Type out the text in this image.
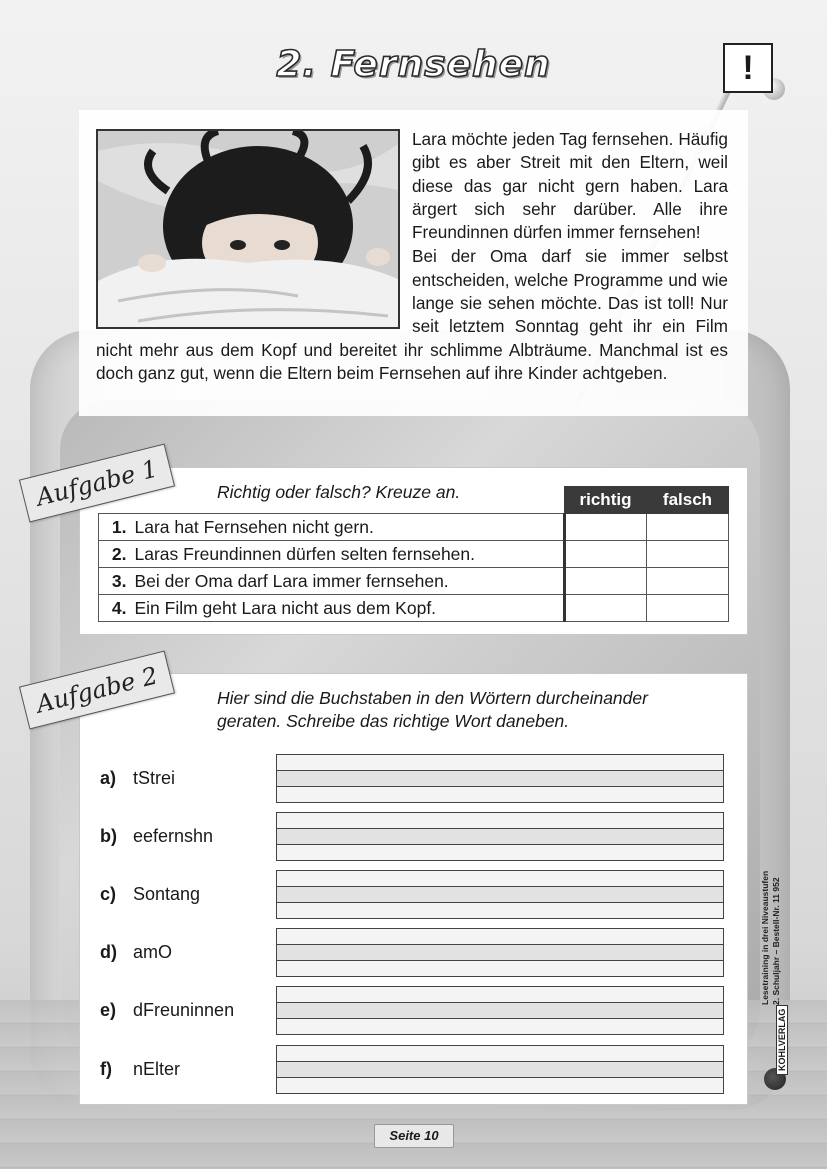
2. Fernsehen	!

Lara möchte jeden Tag fernsehen. Häufig gibt es aber Streit mit den Eltern, weil diese das gar nicht gern haben. Lara ärgert sich sehr darüber. Alle ihre Freundinnen dürfen immer fernsehen!

Bei der Oma darf sie immer selbst entscheiden, welche Programme und wie lange sie sehen möchte. Das ist toll! Nur seit letztem Sonntag geht ihr ein Film nicht mehr aus dem Kopf und bereitet ihr schlimme Albträume. Manchmal ist es doch ganz gut, wenn die Eltern beim Fernsehen auf ihre Kinder achtgeben.

Aufgabe 1	Richtig oder falsch? Kreuze an.
		richtig	falsch
1.	Lara hat Fernsehen nicht gern.		
2.	Laras Freundinnen dürfen selten fernsehen.		
3.	Bei der Oma darf Lara immer fernsehen.		
4.	Ein Film geht Lara nicht aus dem Kopf.		
Aufgabe 2	Hier sind die Buchstaben in den Wörtern durcheinander
geraten. Schreibe das richtige Wort daneben.
a) tStrei
b) eefernshn
c) Sontang
d) amO
e) dFreuninnen
f) nElter
Lesetraining in drei Niveaustufen 2. Schuljahr – Bestell-Nr. 11 952
KOHLVERLAG
Seite 10
